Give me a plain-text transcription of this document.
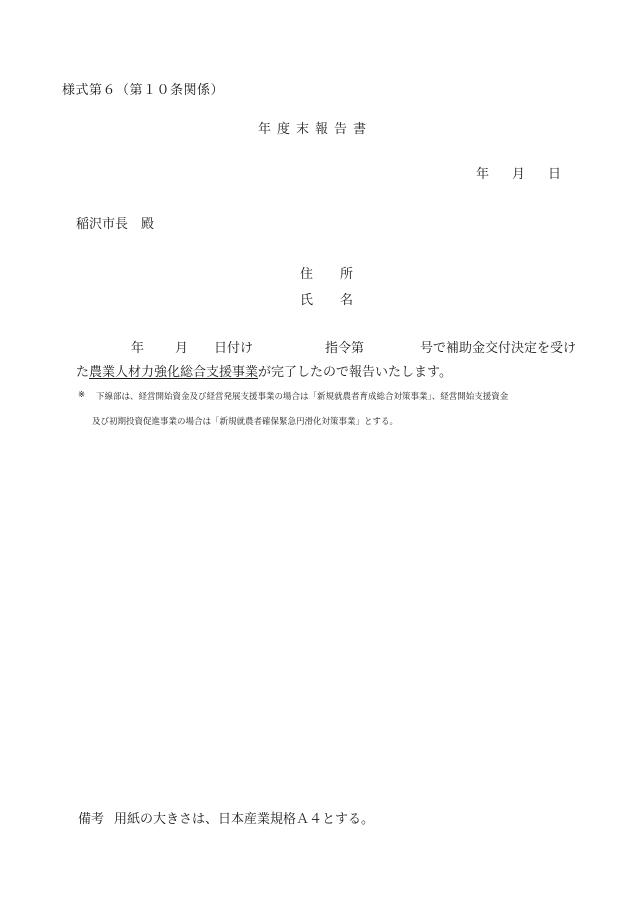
様式第６（第１０条関係）
年度末報告書
年 月 日
稲沢市長　殿
住 所
氏 名
年 月 日付け	指令第	号で補助金交付決定を受け
た農業人材力強化総合支援事業が完了したので報告いたします。
※ 下線部は、経営開始資金及び経営発展支援事業の場合は「新規就農者育成総合対策事業」、経営開始支援資金
及び初期投資促進事業の場合は「新規就農者確保緊急円滑化対策事業」とする。
備考 用紙の大きさは、日本産業規格Ａ４とする。
